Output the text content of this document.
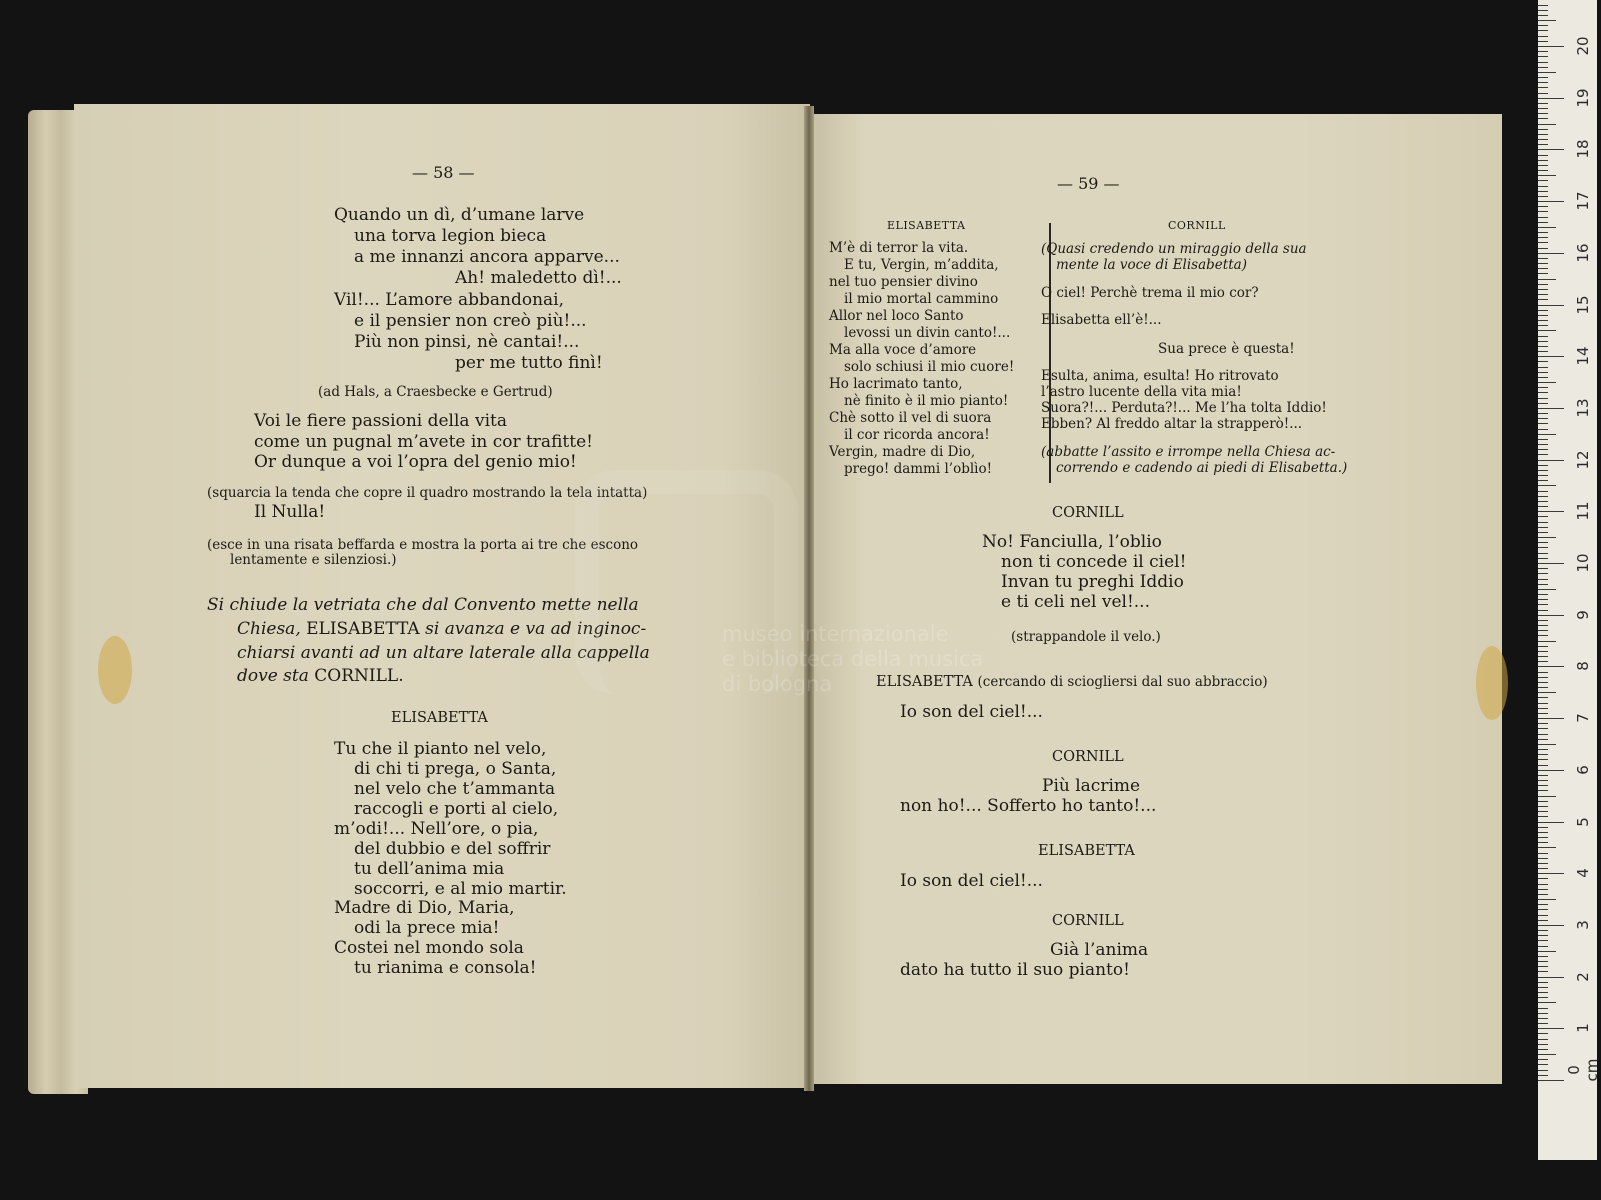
— 58 —
Quando un dì, d’umane larve
una torva legion bieca
a me innanzi ancora apparve...
Ah! maledetto dì!...
Vil!... L’amore abbandonai,
e il pensier non creò più!...
Più non pinsi, nè cantai!...
per me tutto finì!
(ad Hals, a Craesbecke e Gertrud)
Voi le fiere passioni della vita
come un pugnal m’avete in cor trafitte!
Or dunque a voi l’opra del genio mio!
(squarcia la tenda che copre il quadro mostrando la tela intatta)
Il Nulla!
(esce in una risata beffarda e mostra la porta ai tre che escono
lentamente e silenziosi.)
Si chiude la vetriata che dal Convento mette nella
Chiesa, ELISABETTA si avanza e va ad inginoc-
chiarsi avanti ad un altare laterale alla cappella
dove sta CORNILL.
ELISABETTA
Tu che il pianto nel velo,
di chi ti prega, o Santa,
nel velo che t’ammanta
raccogli e porti al cielo,
m’odi!... Nell’ore, o pia,
del dubbio e del soffrir
tu dell’anima mia
soccorri, e al mio martir.
Madre di Dio, Maria,
odi la prece mia!
Costei nel mondo sola
tu rianima e consola!
— 59 —
ELISABETTA	CORNILL
M’è di terror la vita.
E tu, Vergin, m’addita,
nel tuo pensier divino
il mio mortal cammino
Allor nel loco Santo
levossi un divin canto!...
Ma alla voce d’amore
solo schiusi il mio cuore!
Ho lacrimato tanto,
nè finito è il mio pianto!
Chè sotto il vel di suora
il cor ricorda ancora!
Vergin, madre di Dio,
prego! dammi l’oblìo!
(Quasi credendo un miraggio della sua
mente la voce di Elisabetta)
O ciel! Perchè trema il mio cor?
Elisabetta ell’è!...
Sua prece è questa!
Esulta, anima, esulta! Ho ritrovato
l’astro lucente della vita mia!
Suora?!... Perduta?!... Me l’ha tolta Iddio!
Ebben? Al freddo altar la strapperò!...
(abbatte l’assito e irrompe nella Chiesa ac-
correndo e cadendo ai piedi di Elisabetta.)
CORNILL
No! Fanciulla, l’oblio
non ti concede il ciel!
Invan tu preghi Iddio
e ti celi nel vel!...
(strappandole il velo.)
ELISABETTA (cercando di sciogliersi dal suo abbraccio)
Io son del ciel!...
CORNILL
Più lacrime
non ho!... Sofferto ho tanto!...
ELISABETTA
Io son del ciel!...
CORNILL
Già l’anima
dato ha tutto il suo pianto!
museo internazionale
e biblioteca della musica
di bologna
0 cm
1
2
3
4
5
6
7
8
9
10
11
12
13
14
15
16
17
18
19
20
